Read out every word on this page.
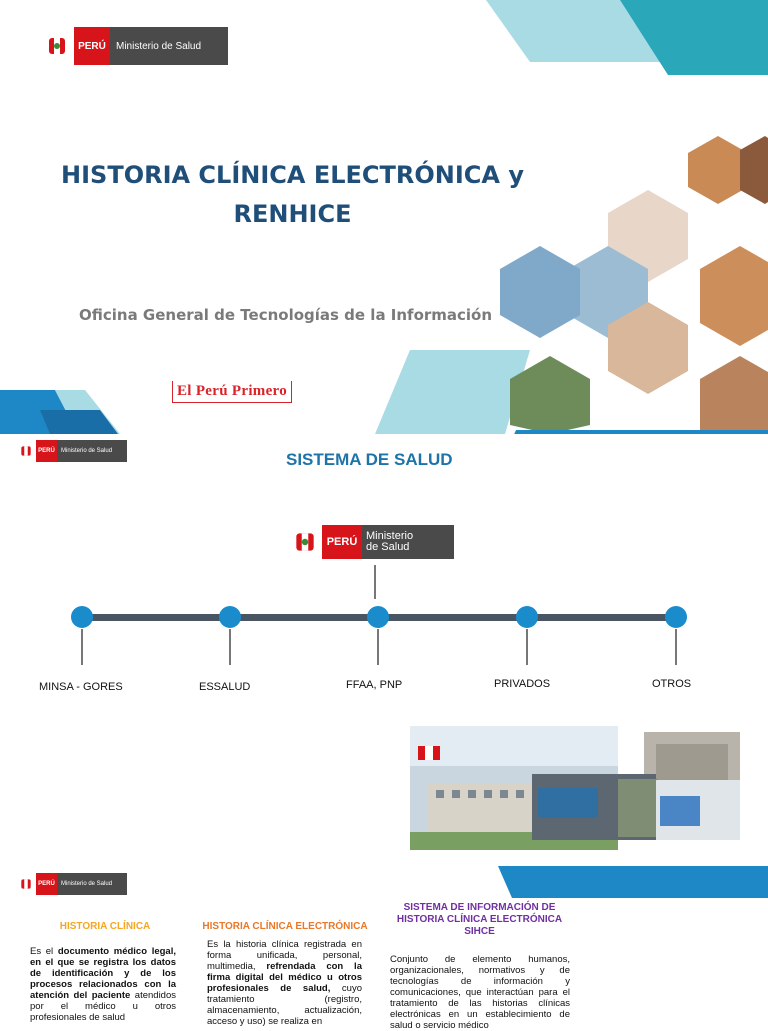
PERÚ	Ministerio de Salud
HISTORIA CLÍNICA ELECTRÓNICA y
RENHICE
Oficina General de Tecnologías de la Información
El Perú Primero
PERÚ	Ministerio de Salud	SISTEMA DE SALUD
PERÚ Ministerio
de Salud
MINSA - GORES	ESSALUD	FFAA, PNP	PRIVADOS	OTROS
PERÚ	Ministerio de Salud
HISTORIA CLÍNICA
Es el documento médico legal, en el que se registra los datos de identificación y de los procesos relacionados con la atención del paciente atendidos por el médico u otros profesionales de salud
HISTORIA CLÍNICA ELECTRÓNICA
Es la historia clínica registrada en forma unificada, personal, multimedia, refrendada con la firma digital del médico u otros profesionales de salud, cuyo tratamiento (registro, almacenamiento, actualización, acceso y uso) se realiza en
SISTEMA DE INFORMACIÓN DE HISTORIA CLÍNICA ELECTRÓNICA
SIHCE
Conjunto de elemento humanos, organizacionales, normativos y de tecnologías de información y comunicaciones, que interactúan para el tratamiento de las historias clínicas electrónicas en un establecimiento de salud o servicio médico
